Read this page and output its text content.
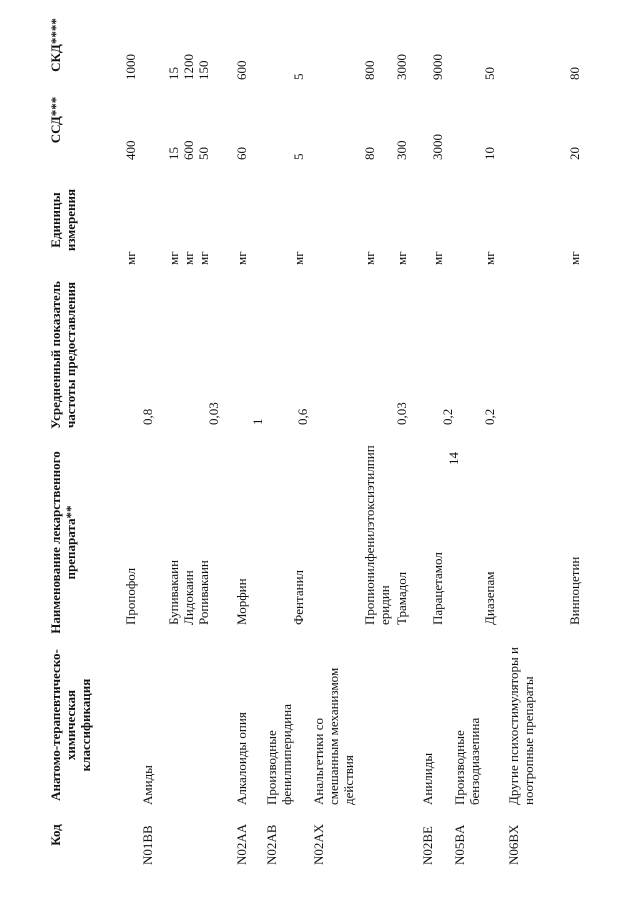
14
Код
Анатомо-терапевтическо-химическая классификация
Наименование лекарственного препарата**
Усредненный показатель частоты предоставления
Единицы измерения
ССД***
СКД****
N01BB
Амиды
0,8
Пропофол
мг
400
1000
Бупивакаин
мг
15
15
Лидокаин
мг
600
1200
Ропивакаин
мг
50
150
N02AA
Алкалоиды опия
0,03
Морфин
мг
60
600
N02AB
Производные фенилпиперидина
1
Фентанил
мг
5
5
N02AX
Анальгетики со смешанным механизмом действия
0,6
Пропионилфенилэтоксиэтилпиперидин
мг
80
800
Трамадол
мг
300
3000
N02BE
Анилиды
0,03
Парацетамол
мг
3000
9000
N05BA
Производные бензодиазепина
0,2
Диазепам
мг
10
50
N06BX
Другие психостимуляторы и ноотропные препараты
0,2
Винпоцетин
мг
20
80
